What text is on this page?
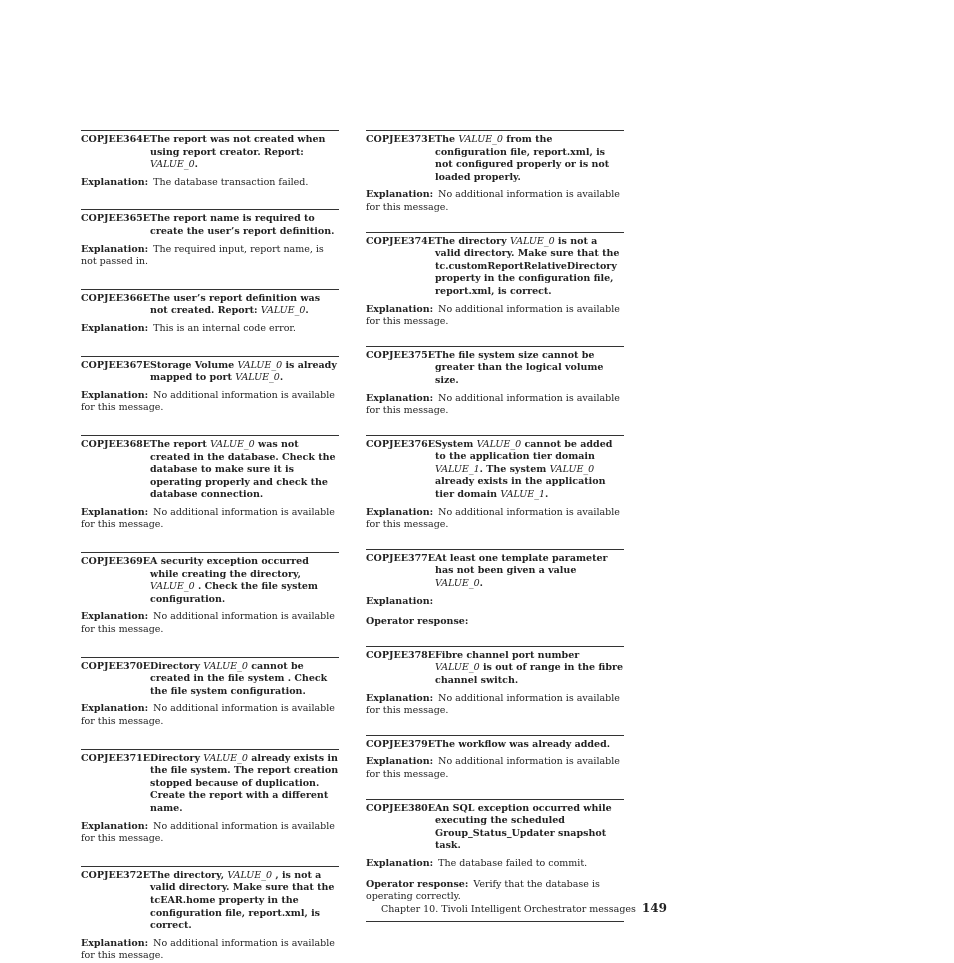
COPJEE364E The report was not created when using report creator. Report: VALUE_0.
Explanation: The database transaction failed.
COPJEE365E The report name is required to create the user’s report definition.
Explanation: The required input, report name, is not passed in.
COPJEE366E The user’s report definition was not created. Report: VALUE_0.
Explanation: This is an internal code error.
COPJEE367E Storage Volume VALUE_0 is already mapped to port VALUE_0.
Explanation: No additional information is available for this message.
COPJEE368E The report VALUE_0 was not created in the database. Check the database to make sure it is operating properly and check the database connection.
Explanation: No additional information is available for this message.
COPJEE369E A security exception occurred while creating the directory, VALUE_0 . Check the file system configuration.
Explanation: No additional information is available for this message.
COPJEE370E Directory VALUE_0 cannot be created in the file system . Check the file system configuration.
Explanation: No additional information is available for this message.
COPJEE371E Directory VALUE_0 already exists in the file system. The report creation stopped because of duplication. Create the report with a different name.
Explanation: No additional information is available for this message.
COPJEE372E The directory, VALUE_0 , is not a valid directory. Make sure that the tcEAR.home property in the configuration file, report.xml, is correct.
Explanation: No additional information is available for this message.
COPJEE373E The VALUE_0 from the configuration file, report.xml, is not configured properly or is not loaded properly.
Explanation: No additional information is available for this message.
COPJEE374E The directory VALUE_0 is not a valid directory. Make sure that the tc.customReportRelativeDirectory property in the configuration file, report.xml, is correct.
Explanation: No additional information is available for this message.
COPJEE375E The file system size cannot be greater than the logical volume size.
Explanation: No additional information is available for this message.
COPJEE376E System VALUE_0 cannot be added to the application tier domain VALUE_1. The system VALUE_0 already exists in the application tier domain VALUE_1.
Explanation: No additional information is available for this message.
COPJEE377E At least one template parameter has not been given a value VALUE_0.
Explanation:
Operator response:
COPJEE378E Fibre channel port number VALUE_0 is out of range in the fibre channel switch.
Explanation: No additional information is available for this message.
COPJEE379E The workflow was already added.
Explanation: No additional information is available for this message.
COPJEE380E An SQL exception occurred while executing the scheduled Group_Status_Updater snapshot task.
Explanation: The database failed to commit.
Operator response: Verify that the database is operating correctly.
Chapter 10. Tivoli Intelligent Orchestrator messages 149
